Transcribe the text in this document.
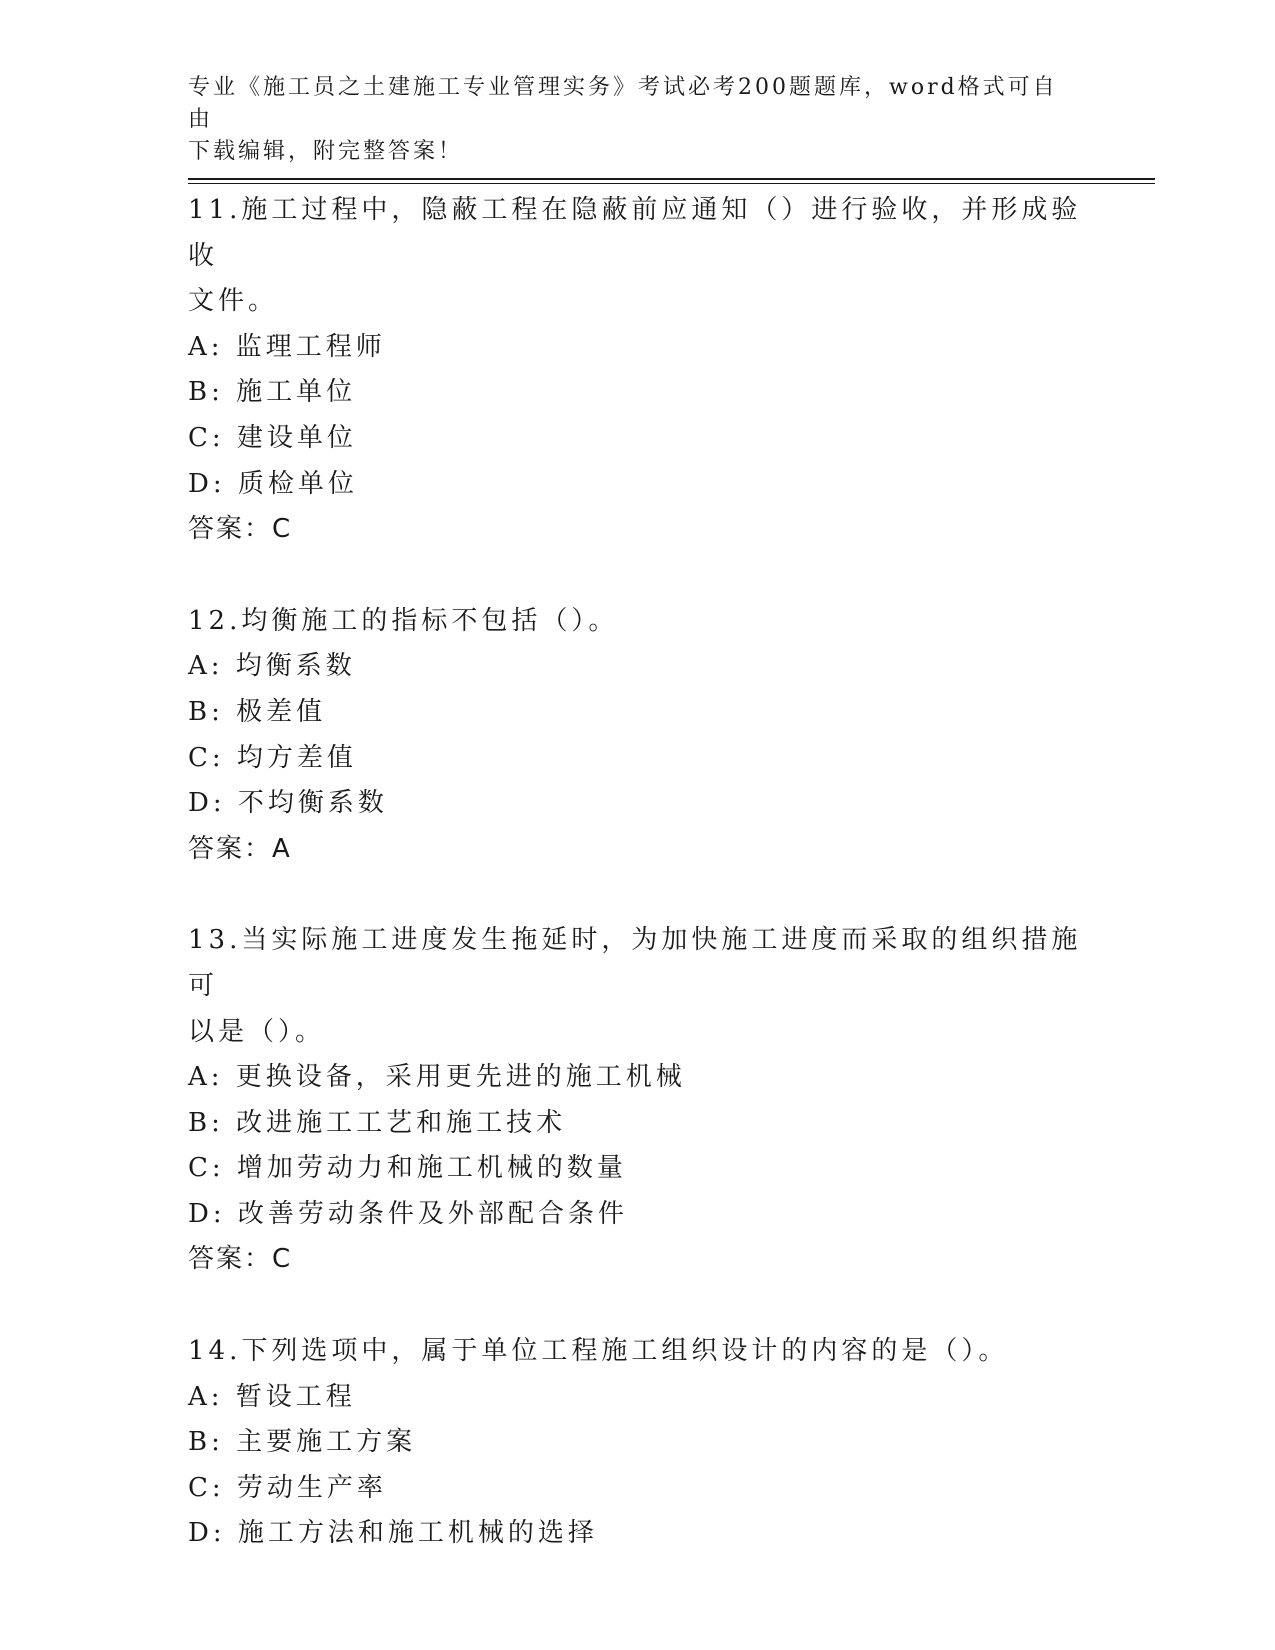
专业《施工员之土建施工专业管理实务》考试必考200题题库，word格式可自由
下载编辑，附完整答案！
11.施工过程中，隐蔽工程在隐蔽前应通知（）进行验收，并形成验收
文件。
A: 监理工程师
B: 施工单位
C: 建设单位
D: 质检单位
答案：C
12.均衡施工的指标不包括（）。
A: 均衡系数
B: 极差值
C: 均方差值
D: 不均衡系数
答案：A
13.当实际施工进度发生拖延时，为加快施工进度而采取的组织措施可
以是（）。
A: 更换设备，采用更先进的施工机械
B: 改进施工工艺和施工技术
C: 增加劳动力和施工机械的数量
D: 改善劳动条件及外部配合条件
答案：C
14.下列选项中，属于单位工程施工组织设计的内容的是（）。
A: 暂设工程
B: 主要施工方案
C: 劳动生产率
D: 施工方法和施工机械的选择
